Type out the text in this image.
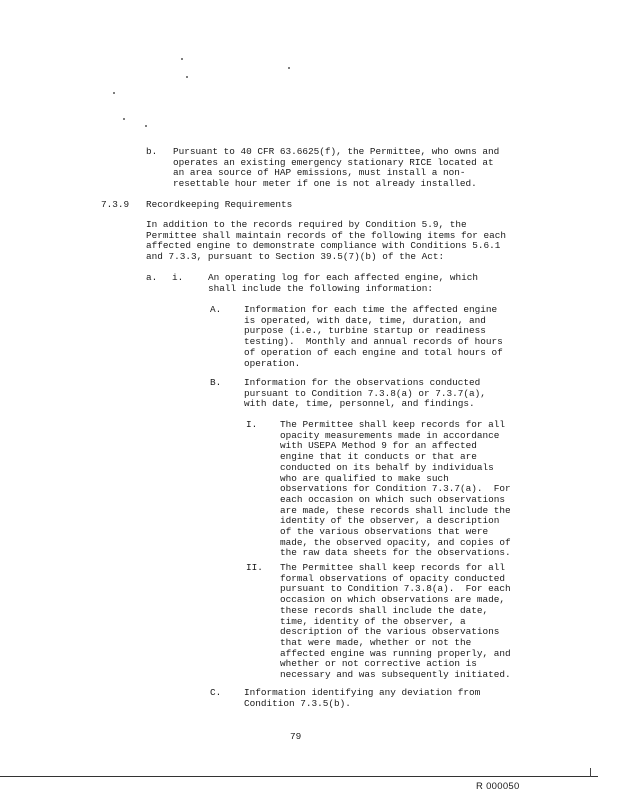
b. Pursuant to 40 CFR 63.6625(f), the Permittee, who owns and
operates an existing emergency stationary RICE located at
an area source of HAP emissions, must install a non-
resettable hour meter if one is not already installed.
7.3.9 Recordkeeping Requirements
In addition to the records required by Condition 5.9, the
Permittee shall maintain records of the following items for each
affected engine to demonstrate compliance with Conditions 5.6.1
and 7.3.3, pursuant to Section 39.5(7)(b) of the Act:
a. i.	An operating log for each affected engine, which
shall include the following information:
A. Information for each time the affected engine
is operated, with date, time, duration, and
purpose (i.e., turbine startup or readiness
testing).  Monthly and annual records of hours
of operation of each engine and total hours of
operation.
B. Information for the observations conducted
pursuant to Condition 7.3.8(a) or 7.3.7(a),
with date, time, personnel, and findings.
I. The Permittee shall keep records for all
opacity measurements made in accordance
with USEPA Method 9 for an affected
engine that it conducts or that are
conducted on its behalf by individuals
who are qualified to make such
observations for Condition 7.3.7(a).  For
each occasion on which such observations
are made, these records shall include the
identity of the observer, a description
of the various observations that were
made, the observed opacity, and copies of
the raw data sheets for the observations.
II. The Permittee shall keep records for all
formal observations of opacity conducted
pursuant to Condition 7.3.8(a).  For each
occasion on which observations are made,
these records shall include the date,
time, identity of the observer, a
description of the various observations
that were made, whether or not the
affected engine was running properly, and
whether or not corrective action is
necessary and was subsequently initiated.
C. Information identifying any deviation from
Condition 7.3.5(b).
79
R 000050
